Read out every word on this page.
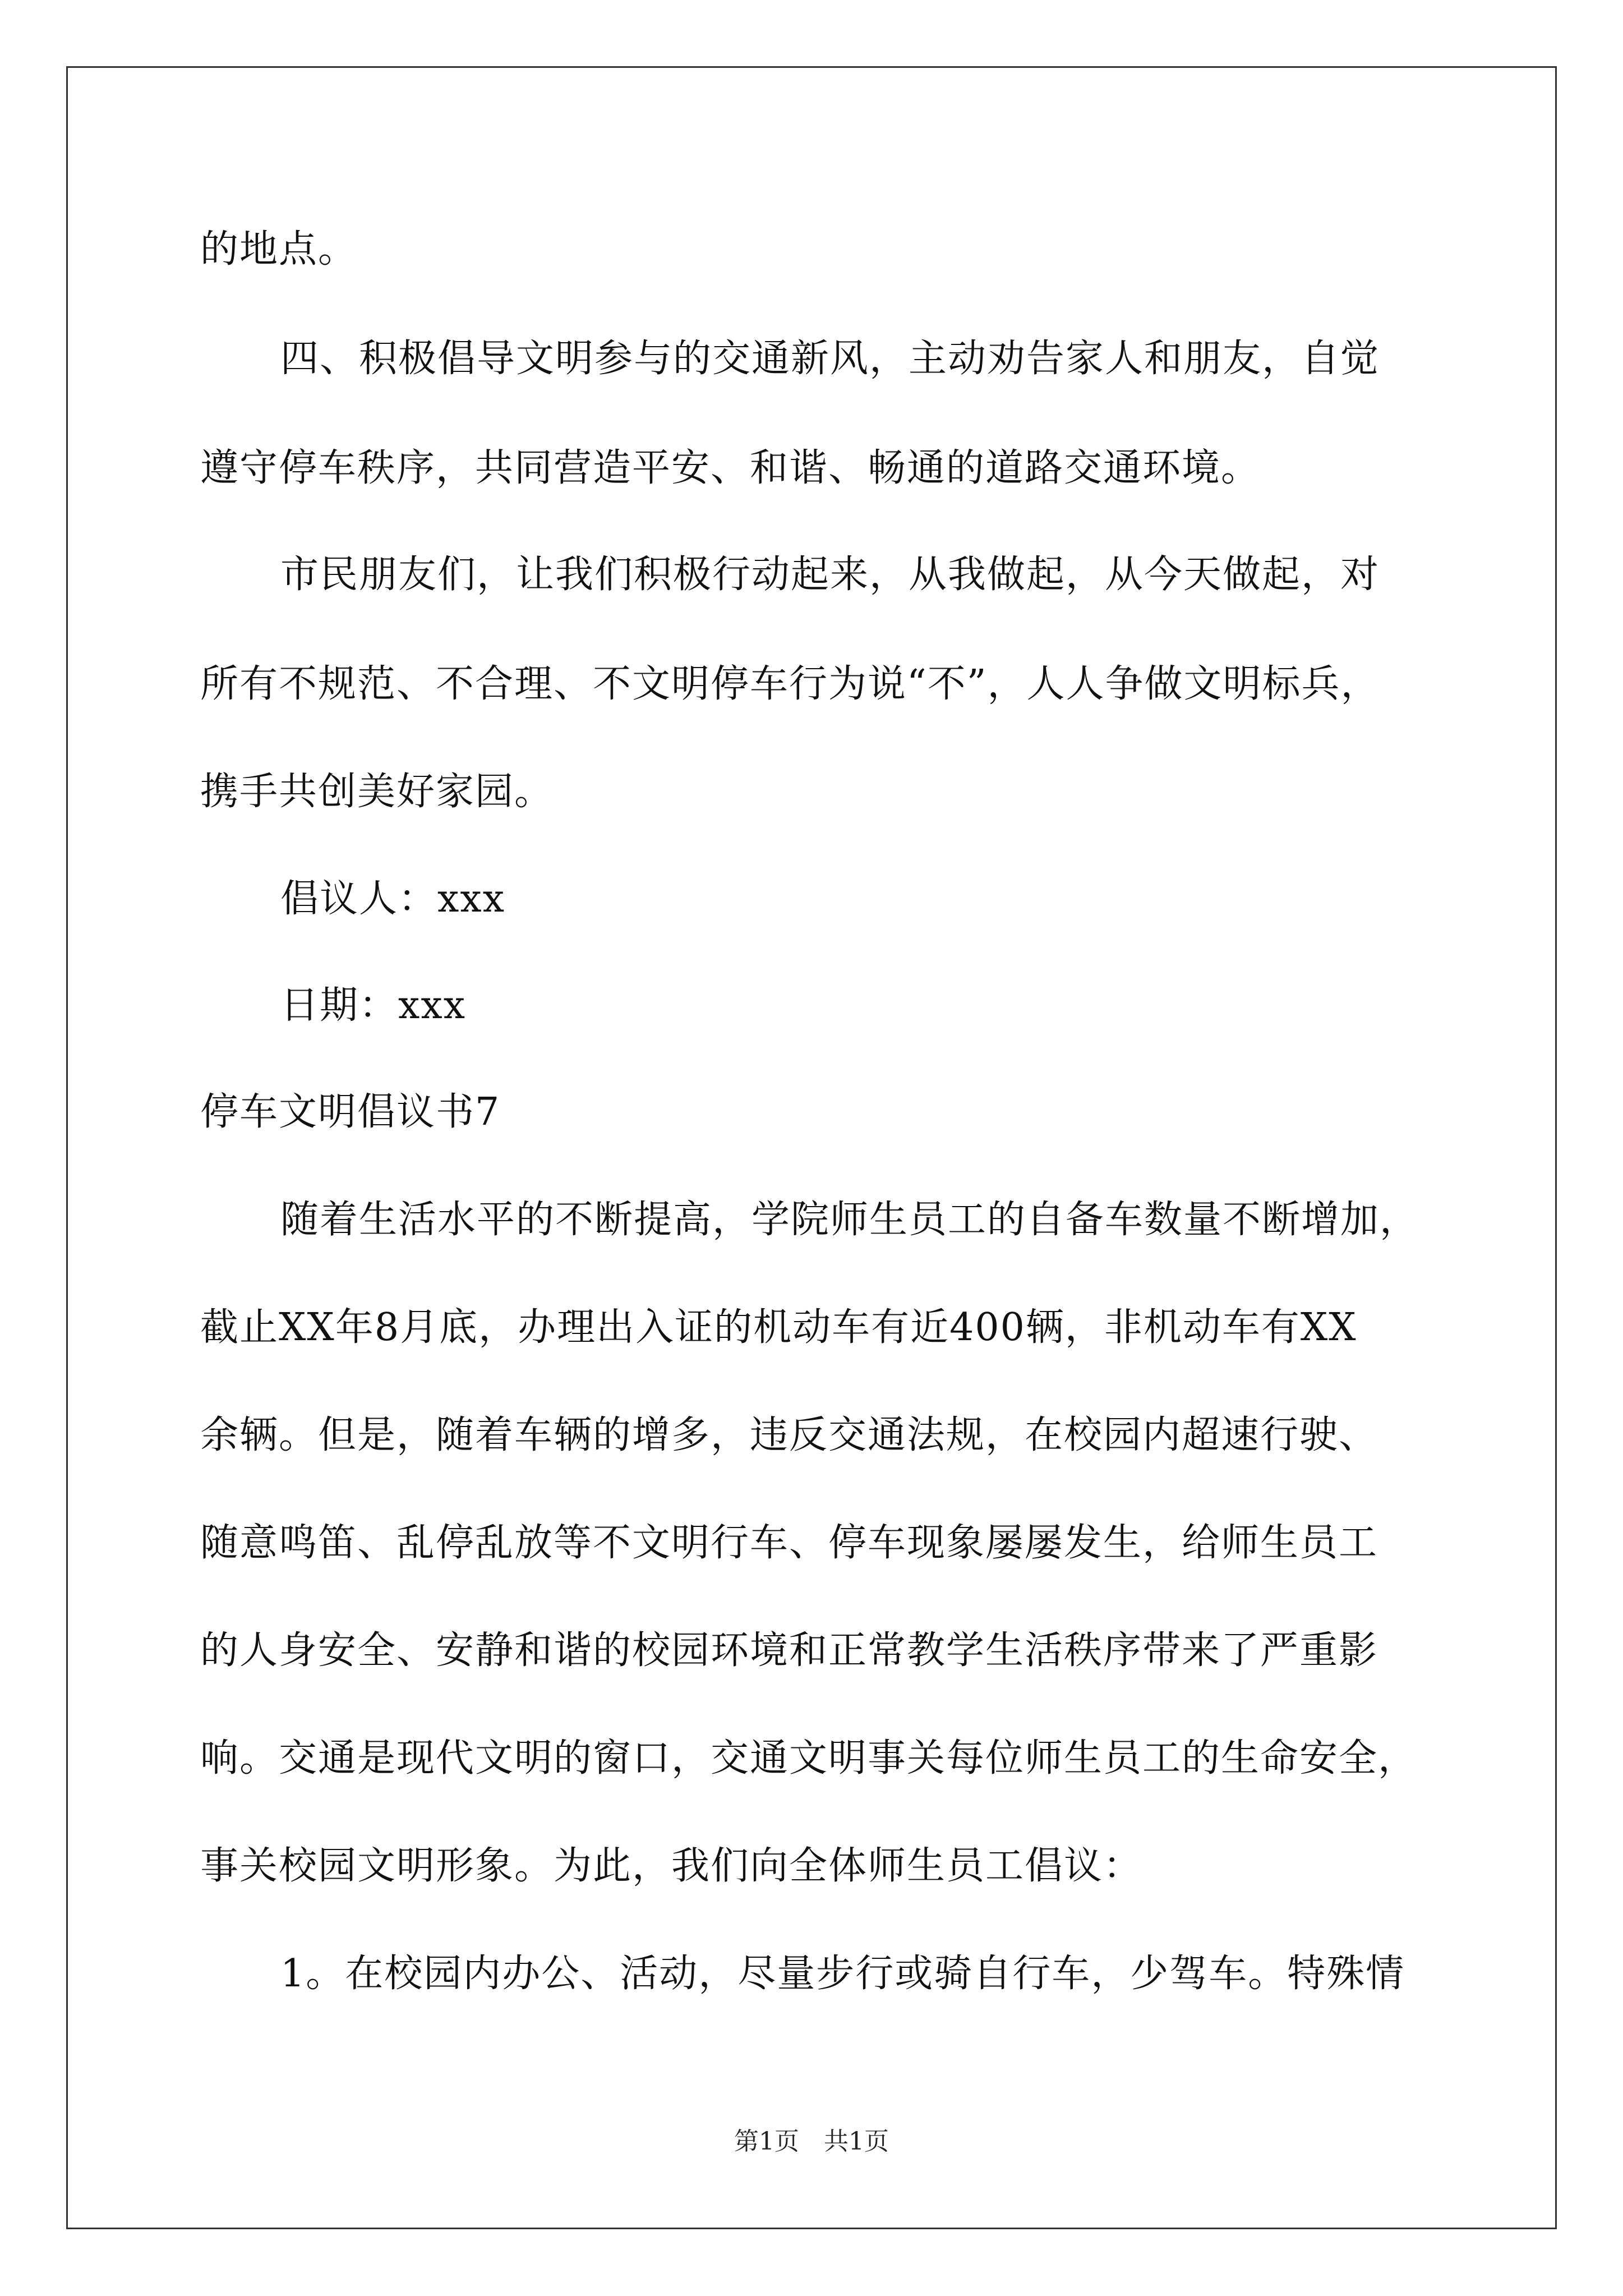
的地点。
四、积极倡导文明参与的交通新风，主动劝告家人和朋友，自觉
遵守停车秩序，共同营造平安、和谐、畅通的道路交通环境。
市民朋友们，让我们积极行动起来，从我做起，从今天做起，对
所有不规范、不合理、不文明停车行为说“不”，人人争做文明标兵，
携手共创美好家园。
倡议人：xxx
日期：xxx
停车文明倡议书7
随着生活水平的不断提高，学院师生员工的自备车数量不断增加，
截止XX年8月底，办理出入证的机动车有近400辆，非机动车有XX
余辆。但是，随着车辆的增多，违反交通法规，在校园内超速行驶、
随意鸣笛、乱停乱放等不文明行车、停车现象屡屡发生，给师生员工
的人身安全、安静和谐的校园环境和正常教学生活秩序带来了严重影
响。交通是现代文明的窗口，交通文明事关每位师生员工的生命安全，
事关校园文明形象。为此，我们向全体师生员工倡议：
1。在校园内办公、活动，尽量步行或骑自行车，少驾车。特殊情
第1页　共1页
